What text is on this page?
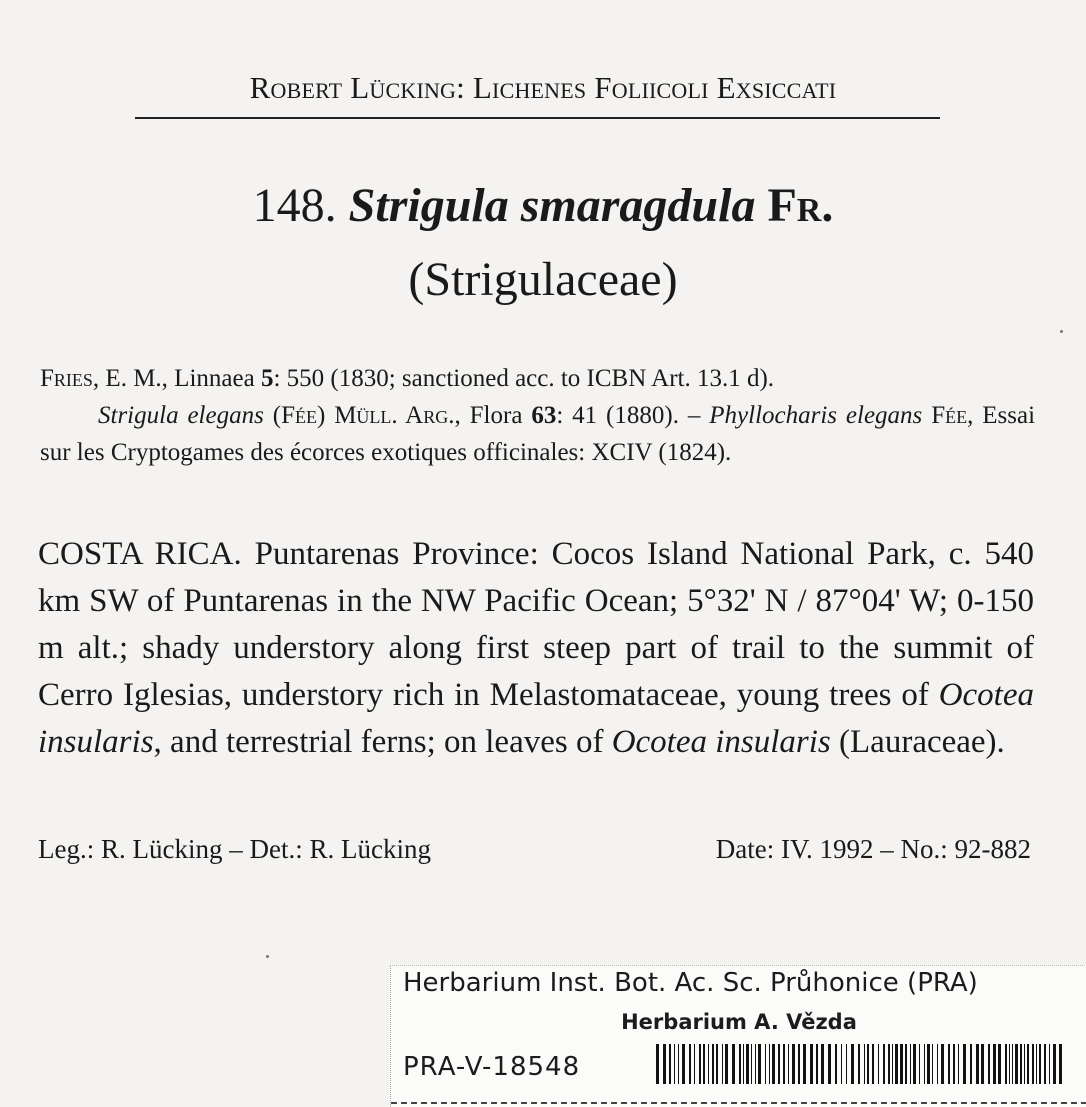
Robert Lücking: Lichenes Foliicoli Exsiccati
148. Strigula smaragdula Fr.
(Strigulaceae)
Fries, E. M., Linnaea 5: 550 (1830; sanctioned acc. to ICBN Art. 13.1 d).
Strigula elegans (Fée) Müll. Arg., Flora 63: 41 (1880). – Phyllocharis elegans Fée, Essai sur les Cryptogames des écorces exotiques officinales: XCIV (1824).
COSTA RICA. Puntarenas Province: Cocos Island National Park, c. 540 km SW of Puntarenas in the NW Pacific Ocean; 5°32' N / 87°04' W; 0-150 m alt.; shady understory along first steep part of trail to the summit of Cerro Iglesias, understory rich in Melastomataceae, young trees of Ocotea insularis, and terrestrial ferns; on leaves of Ocotea insularis (Lauraceae).
Leg.: R. Lücking – Det.: R. Lücking	Date: IV. 1992 – No.: 92-882
Herbarium Inst. Bot. Ac. Sc. Průhonice (PRA)
Herbarium A. Vězda
PRA-V-18548
